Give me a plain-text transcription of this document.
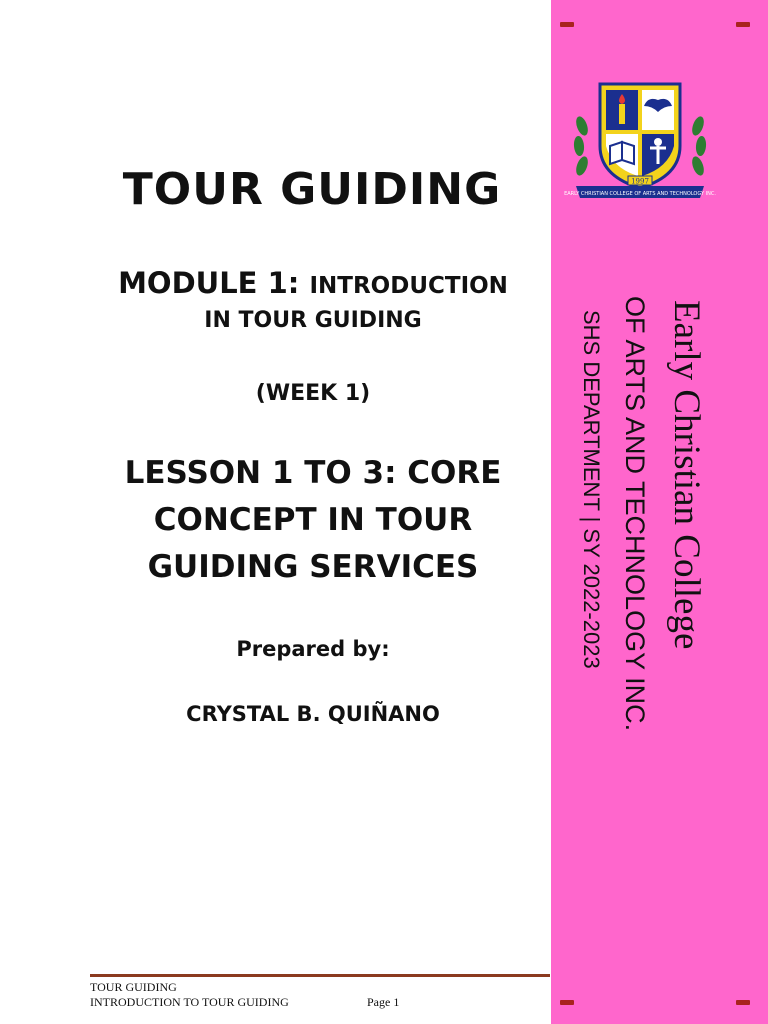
TOUR GUIDING
MODULE 1: INTRODUCTION
IN TOUR GUIDING
(WEEK 1)
LESSON 1 TO 3: CORE
CONCEPT IN TOUR
GUIDING SERVICES
Prepared by:
CRYSTAL B. QUIÑANO
EARLY CHRISTIAN COLLEGE OF ARTS AND TECHNOLOGY INC.
1997
Early Christian College
OF ARTS AND TECHNOLOGY INC.
SHS DEPARTMENT | SY 2022-2023
TOUR GUIDING
INTRODUCTION TO TOUR GUIDING	Page 1
